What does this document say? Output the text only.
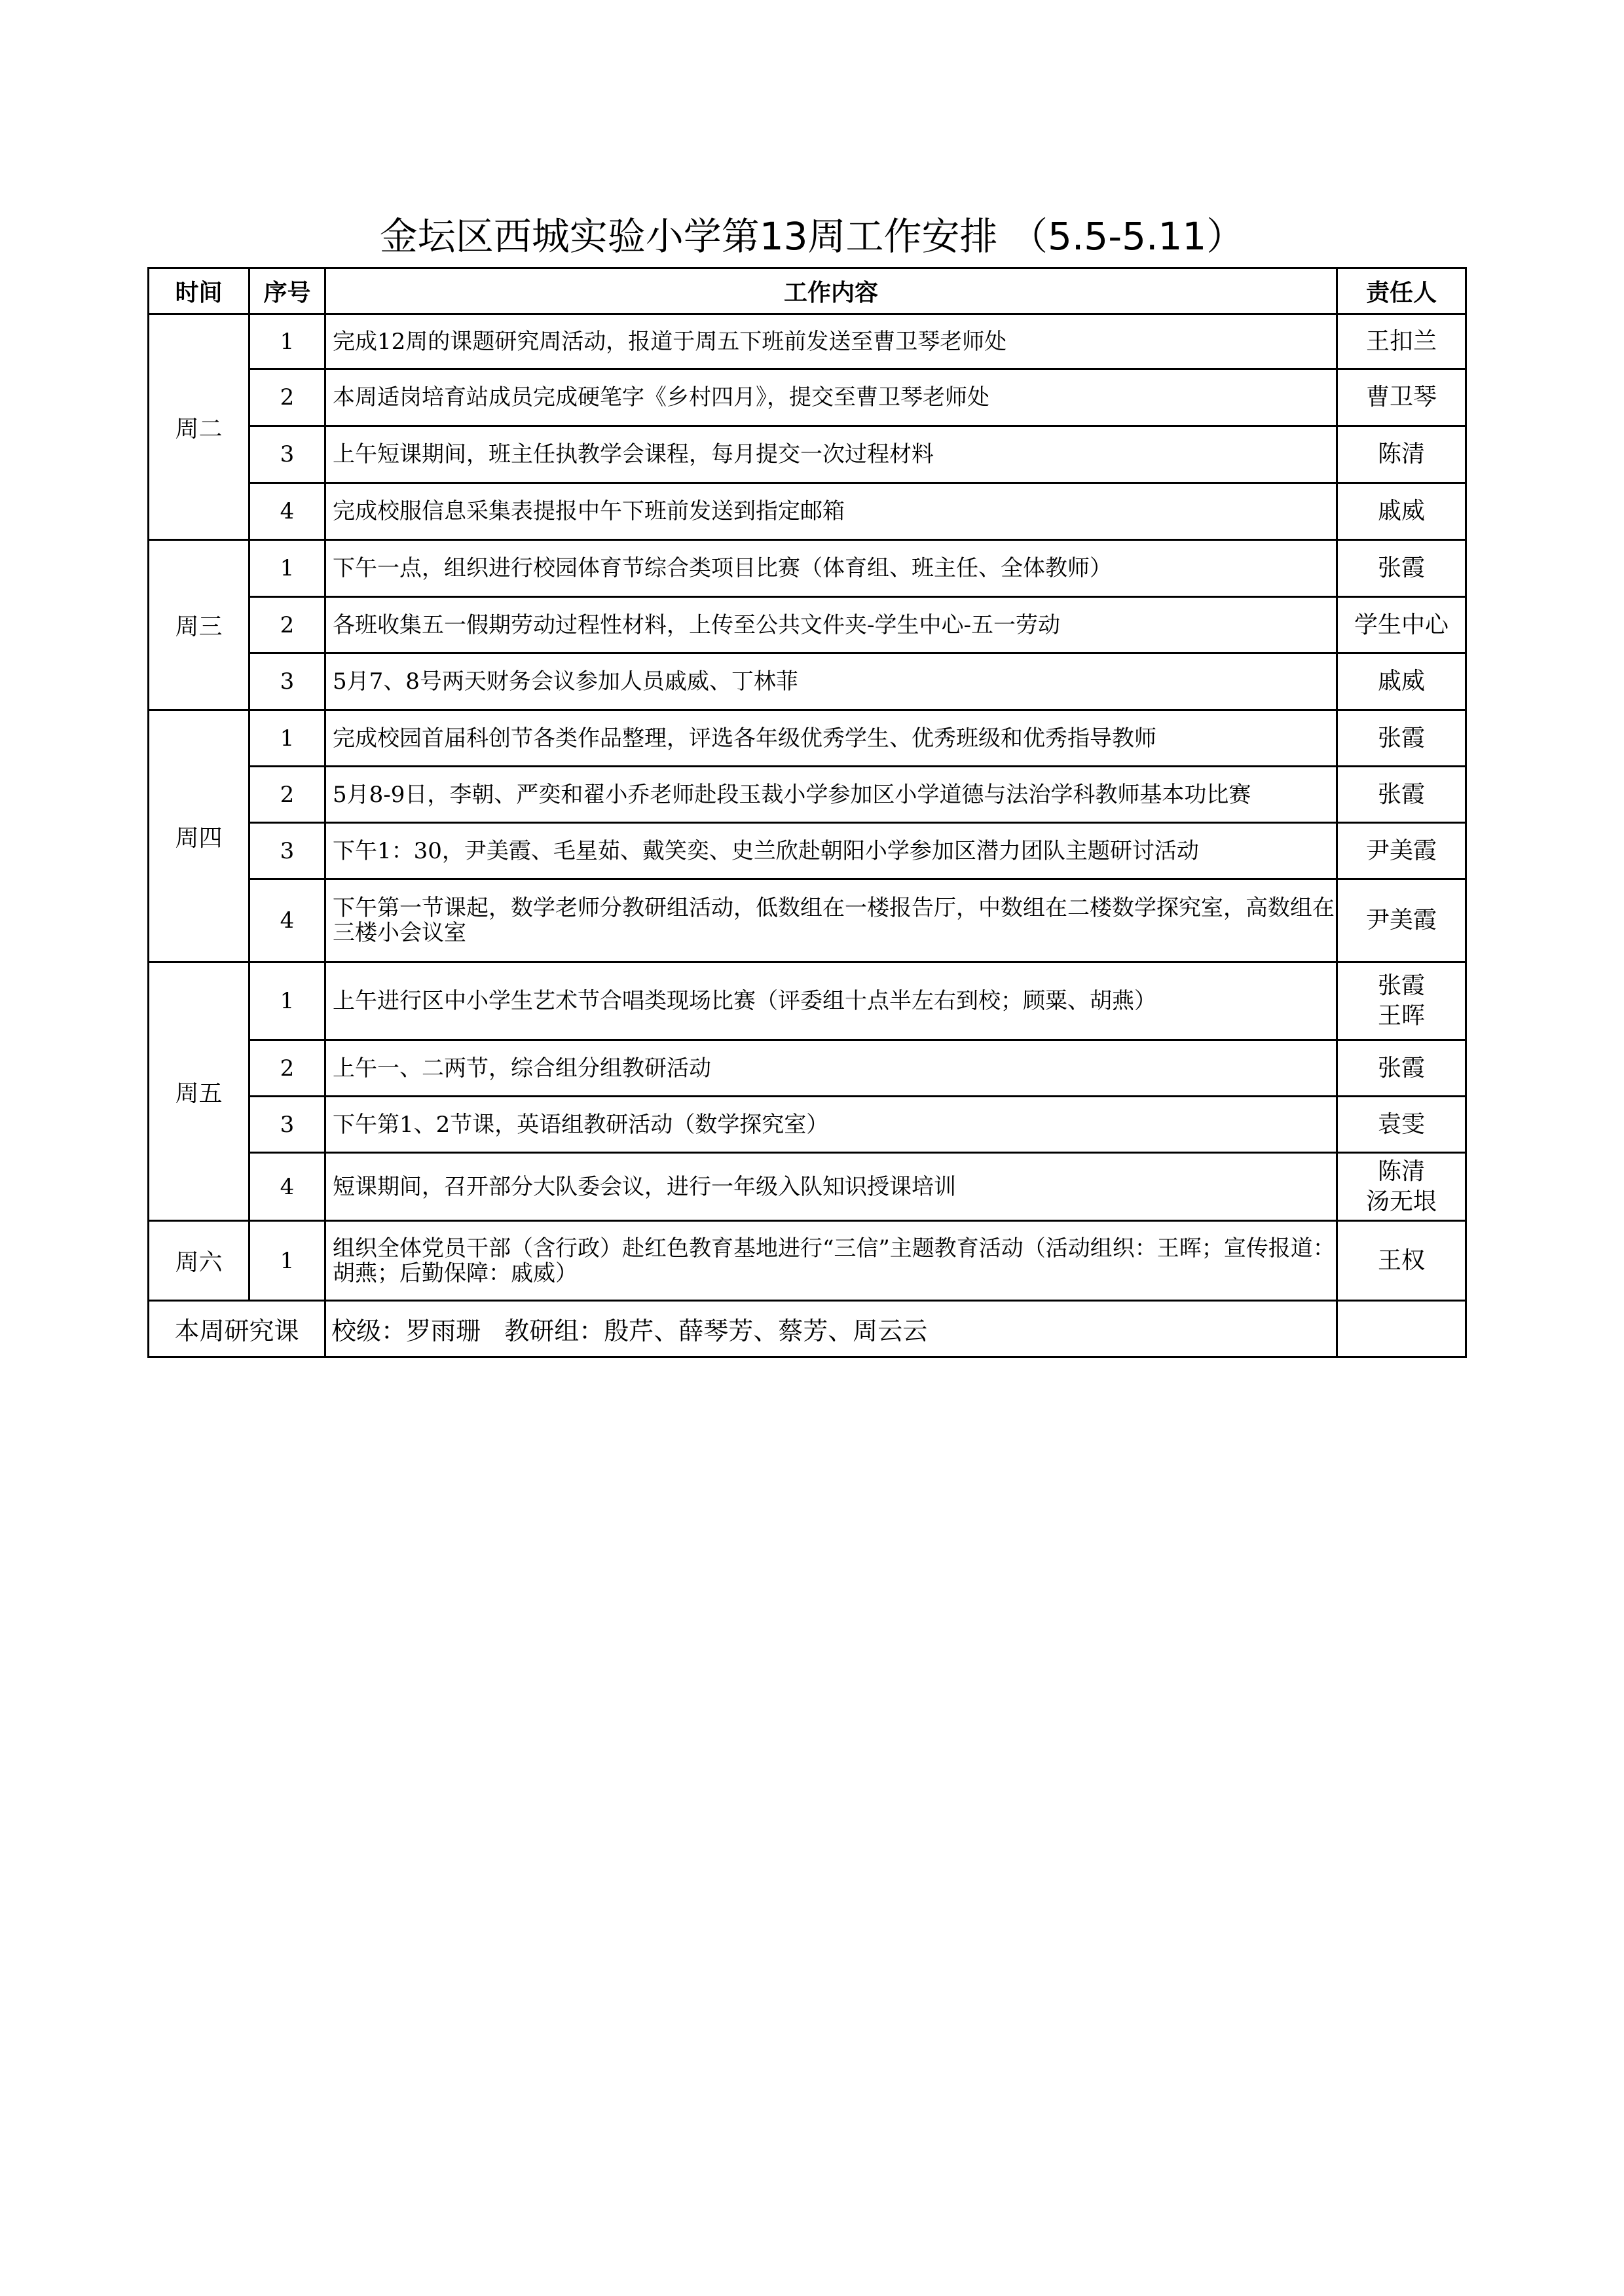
金坛区西城实验小学第13周工作安排 （5.5-5.11）
时间	序号	工作内容	责任人
周二	1	完成12周的课题研究周活动，报道于周五下班前发送至曹卫琴老师处	王扣兰

	2	本周适岗培育站成员完成硬笔字《乡村四月》，提交至曹卫琴老师处	曹卫琴

	3	上午短课期间，班主任执教学会课程，每月提交一次过程材料	陈清

	4	完成校服信息采集表提报中午下班前发送到指定邮箱	戚威

周三	1	下午一点，组织进行校园体育节综合类项目比赛（体育组、班主任、全体教师）	张霞

	2	各班收集五一假期劳动过程性材料，上传至公共文件夹-学生中心-五一劳动	学生中心

	3	5月7、8号两天财务会议参加人员戚威、丁林菲	戚威

周四	1	完成校园首届科创节各类作品整理，评选各年级优秀学生、优秀班级和优秀指导教师	张霞

	2	5月8-9日，李朝、严奕和翟小乔老师赴段玉裁小学参加区小学道德与法治学科教师基本功比赛	张霞

	3	下午1：30，尹美霞、毛星茹、戴笑奕、史兰欣赴朝阳小学参加区潜力团队主题研讨活动	尹美霞

	4	下午第一节课起，数学老师分教研组活动，低数组在一楼报告厅，中数组在二楼数学探究室，高数组在三楼小会议室	尹美霞

周五	1	上午进行区中小学生艺术节合唱类现场比赛（评委组十点半左右到校；顾粟、胡燕）	张霞
王晖

	2	上午一、二两节，综合组分组教研活动	张霞

	3	下午第1、2节课，英语组教研活动（数学探究室）	袁雯

	4	短课期间，召开部分大队委会议，进行一年级入队知识授课培训	陈清
汤无垠

周六	1	组织全体党员干部（含行政）赴红色教育基地进行“三信”主题教育活动（活动组织：王晖；宣传报道：胡燕；后勤保障：戚威）	王权

本周研究课		校级：罗雨珊   教研组：殷芹、薛琴芳、蔡芳、周云云	
